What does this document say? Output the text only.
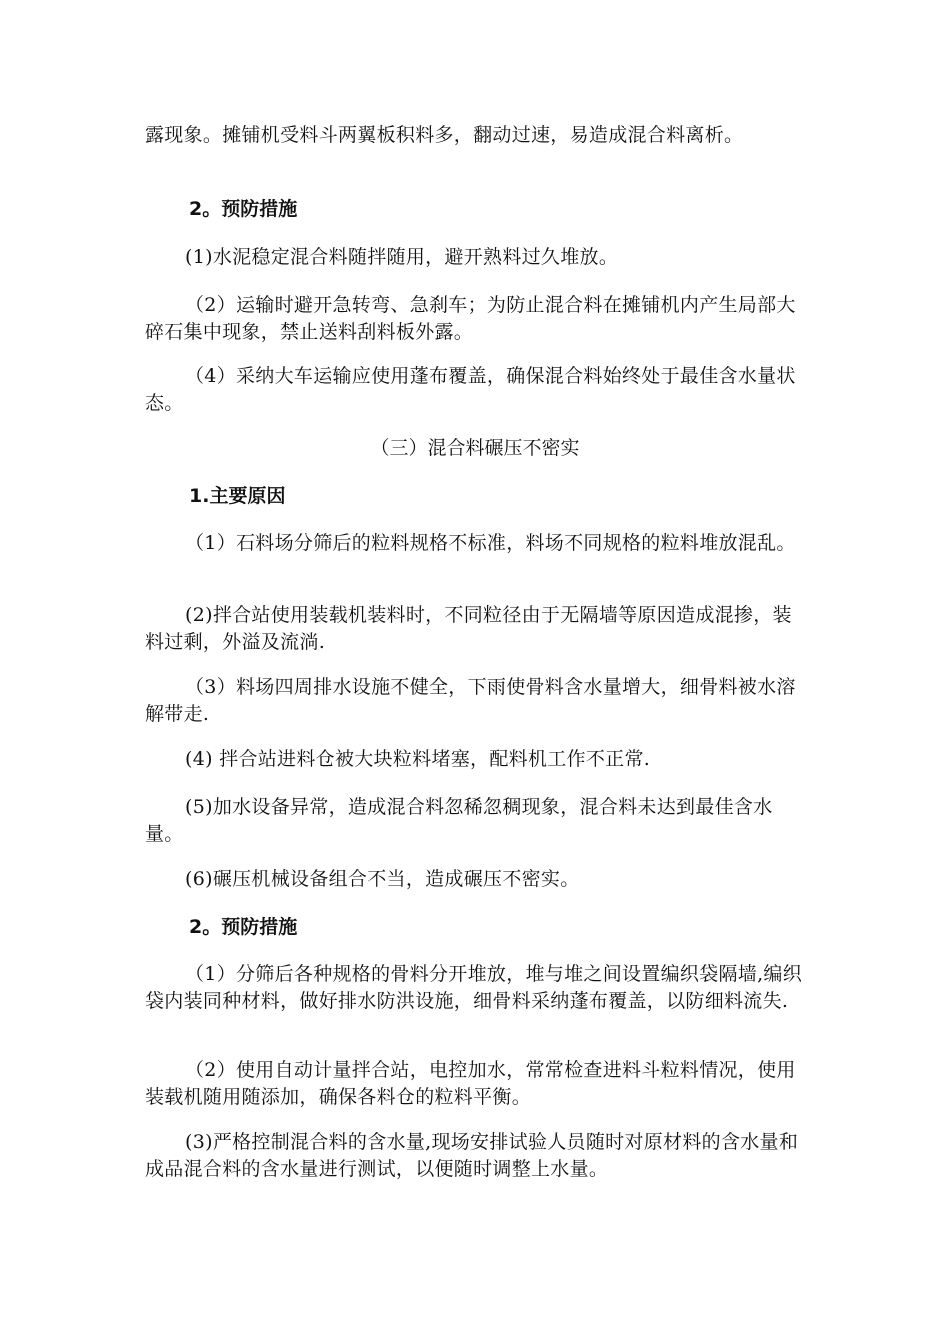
露现象。摊铺机受料斗两翼板积料多，翻动过速，易造成混合料离析。

2。预防措施

(1)水泥稳定混合料随拌随用，避开熟料过久堆放。

（2）运输时避开急转弯、急刹车；为防止混合料在摊铺机内产生局部大碎石集中现象，禁止送料刮料板外露。

（4）采纳大车运输应使用蓬布覆盖，确保混合料始终处于最佳含水量状态。

（三）混合料碾压不密实

1.主要原因

（1）石料场分筛后的粒料规格不标准，料场不同规格的粒料堆放混乱。

(2)拌合站使用装载机装料时，不同粒径由于无隔墙等原因造成混掺，装料过剩，外溢及流淌.

（3）料场四周排水设施不健全，下雨使骨料含水量增大，细骨料被水溶解带走.

(4) 拌合站进料仓被大块粒料堵塞，配料机工作不正常.

(5)加水设备异常，造成混合料忽稀忽稠现象，混合料未达到最佳含水量。

(6)碾压机械设备组合不当，造成碾压不密实。

2。预防措施

（1）分筛后各种规格的骨料分开堆放，堆与堆之间设置编织袋隔墙,编织袋内装同种材料，做好排水防洪设施，细骨料采纳蓬布覆盖，以防细料流失.

（2）使用自动计量拌合站，电控加水，常常检查进料斗粒料情况，使用装载机随用随添加，确保各料仓的粒料平衡。

(3)严格控制混合料的含水量,现场安排试验人员随时对原材料的含水量和成品混合料的含水量进行测试，以便随时调整上水量。
